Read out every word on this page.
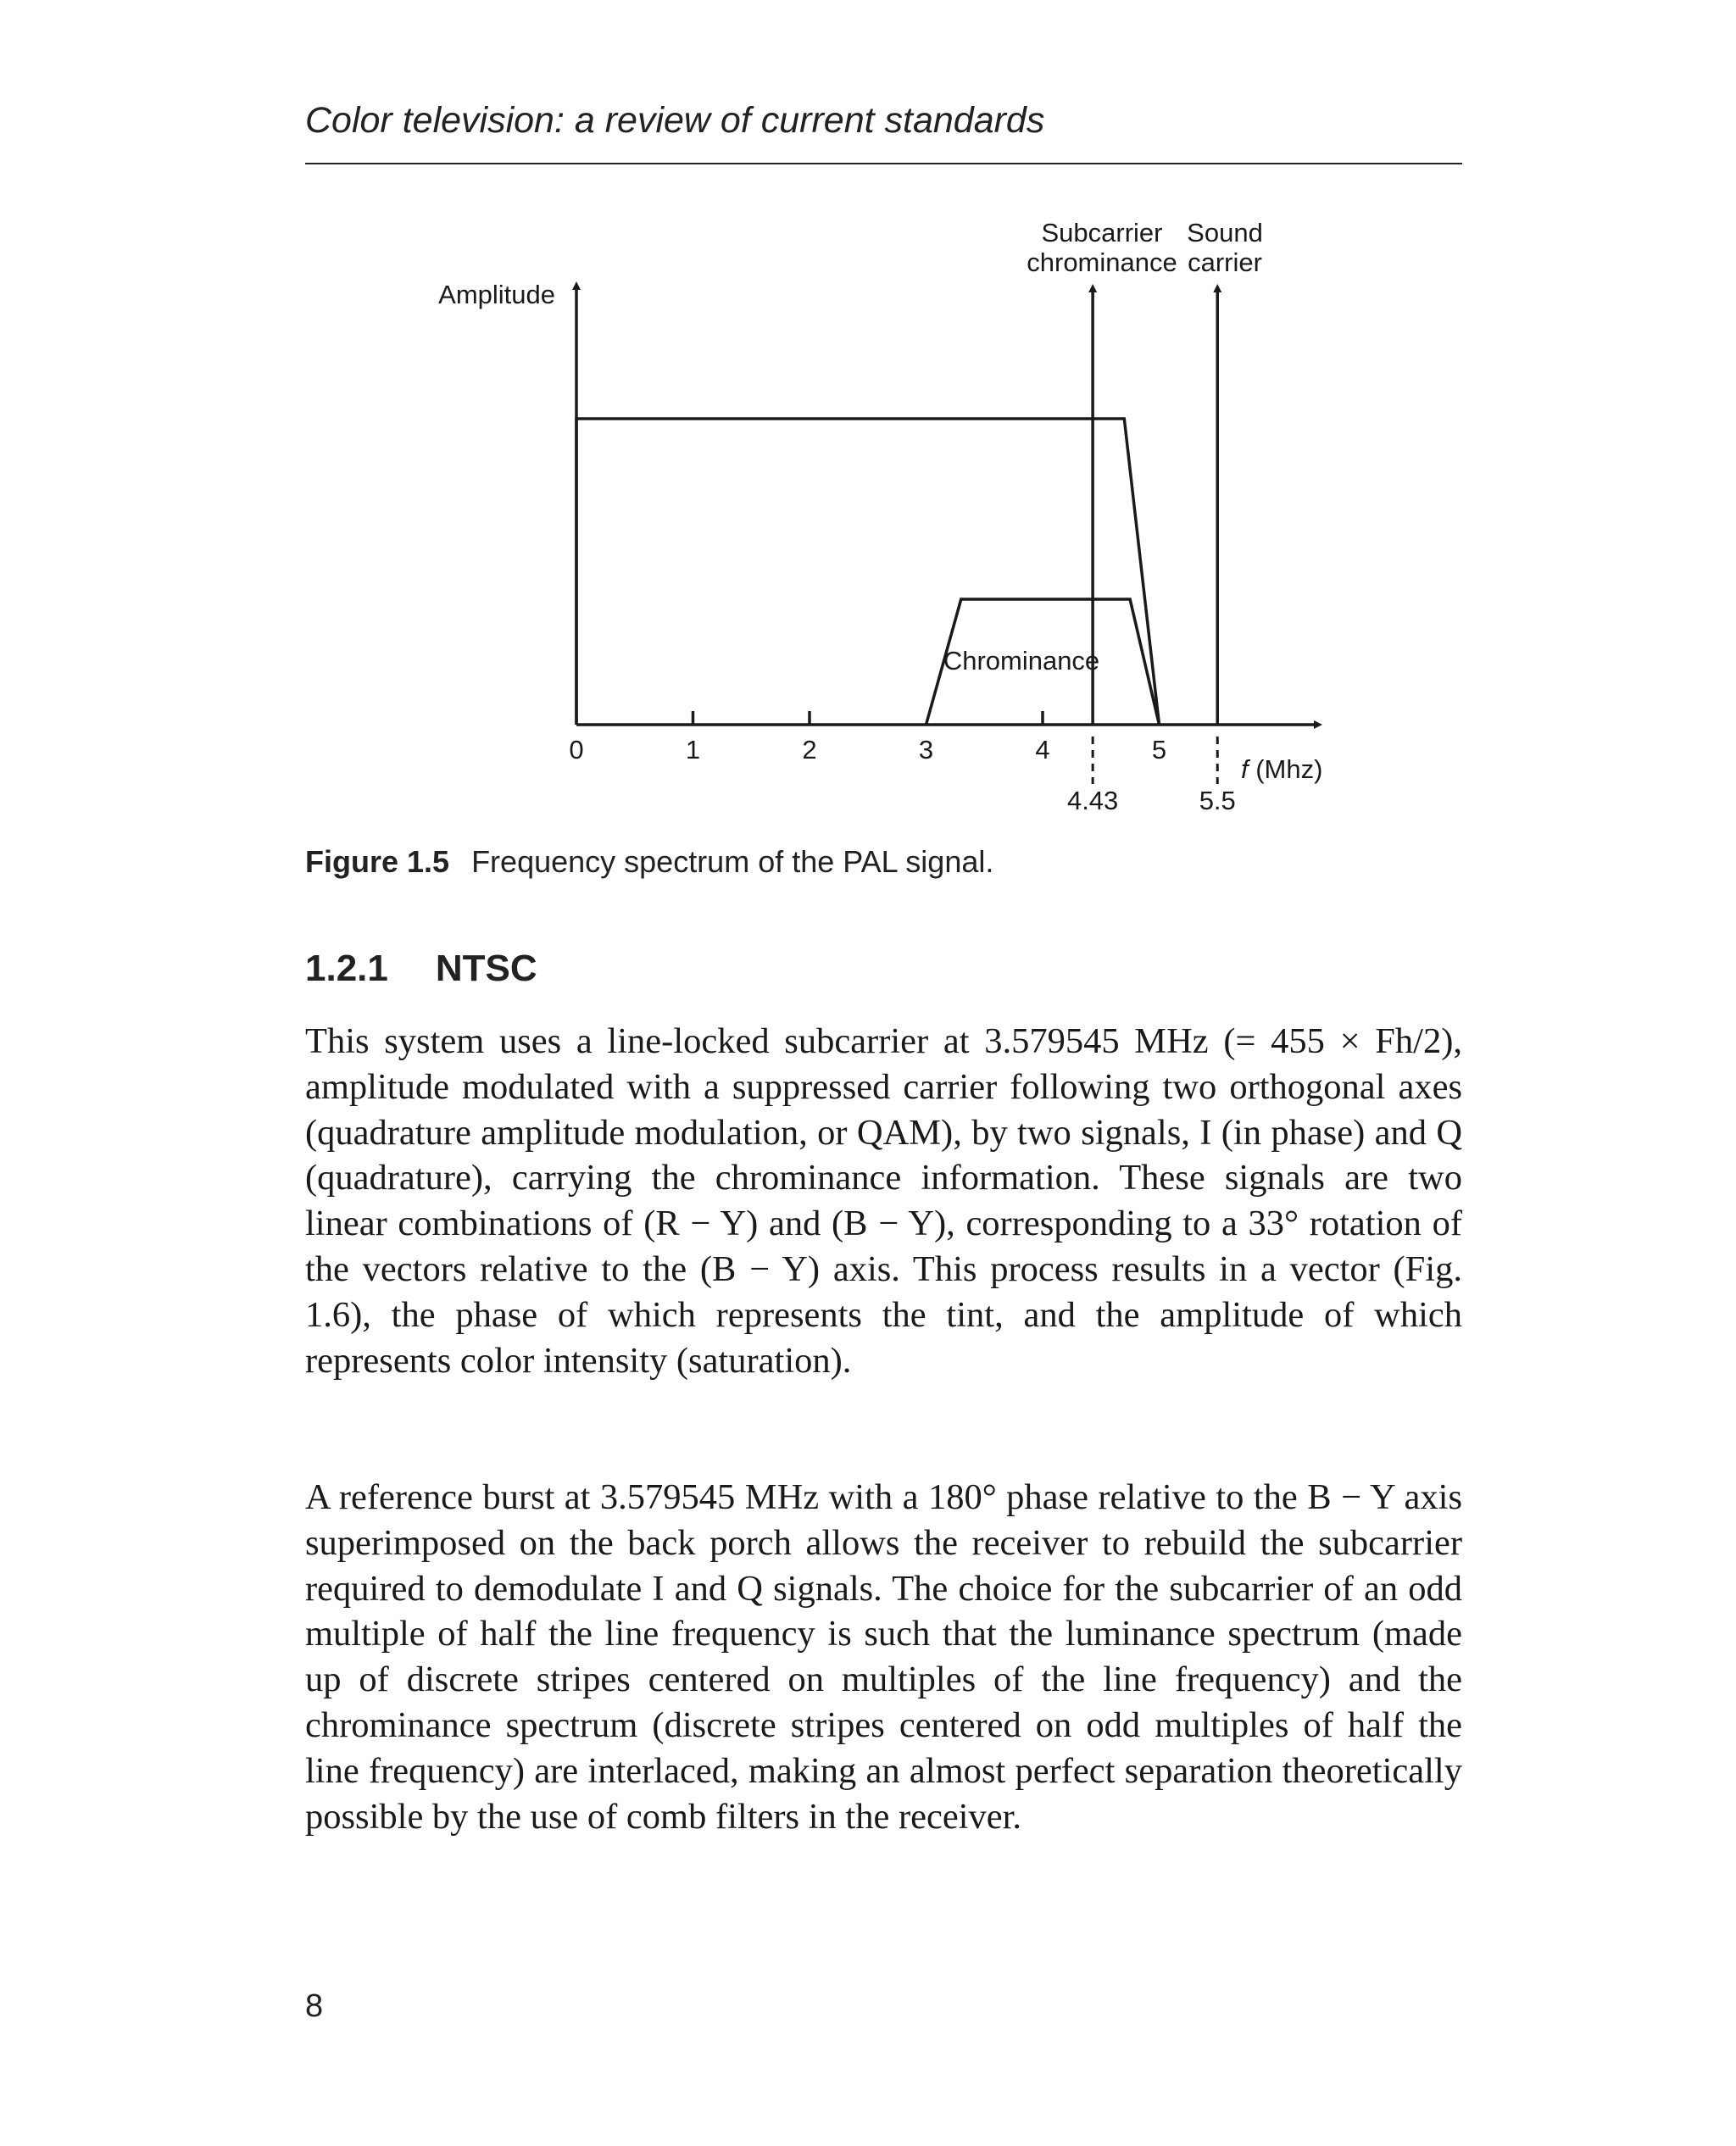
Color television: a review of current standards
Amplitude
f (Mhz)
0	1	2	3	4	5
Chrominance
4.43	5.5
Subcarrier
chrominance
Sound
carrier
Figure 1.5 Frequency spectrum of the PAL signal.
1.2.1 NTSC

This system uses a line-locked subcarrier at 3.579545 MHz (= 455 × Fh/2), amplitude modulated with a suppressed carrier following two orthogonal axes (quadrature amplitude modulation, or QAM), by two signals, I (in phase) and Q (quadrature), carrying the chrominance information. These signals are two linear combinations of (R − Y) and (B − Y), corresponding to a 33° rotation of the vectors relative to the (B − Y) axis. This process results in a vector (Fig. 1.6), the phase of which represents the tint, and the amplitude of which represents color intensity (saturation).

A reference burst at 3.579545 MHz with a 180° phase relative to the B − Y axis superimposed on the back porch allows the receiver to rebuild the subcarrier required to demodulate I and Q signals. The choice for the subcarrier of an odd multiple of half the line frequency is such that the luminance spectrum (made up of discrete stripes centered on multiples of the line frequency) and the chrominance spectrum (discrete stripes centered on odd multiples of half the line frequency) are interlaced, making an almost perfect separation theoretically possible by the use of comb filters in the receiver.

8
